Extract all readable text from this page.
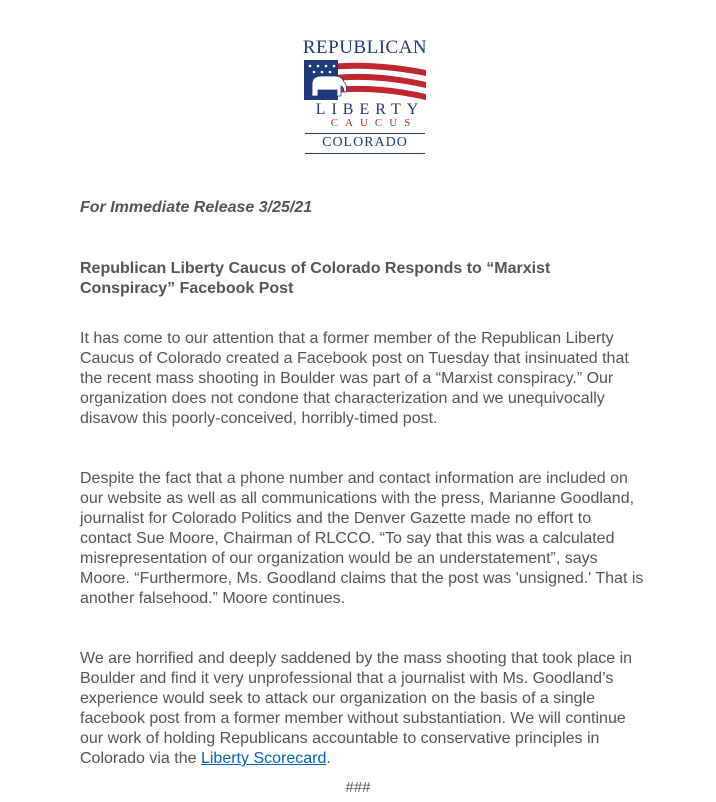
REPUBLICAN
LIBERTY
CAUCUS
COLORADO
For Immediate Release 3/25/21
Republican Liberty Caucus of Colorado Responds to “Marxist Conspiracy” Facebook Post
It has come to our attention that a former member of the Republican Liberty Caucus of Colorado created a Facebook post on Tuesday that insinuated that the recent mass shooting in Boulder was part of a “Marxist conspiracy.” Our organization does not condone that characterization and we unequivocally disavow this poorly-conceived, horribly-timed post.
Despite the fact that a phone number and contact information are included on our website as well as all communications with the press, Marianne Goodland, journalist for Colorado Politics and the Denver Gazette made no effort to contact Sue Moore, Chairman of RLCCO. “To say that this was a calculated misrepresentation of our organization would be an understatement”, says Moore. “Furthermore, Ms. Goodland claims that the post was 'unsigned.' That is another falsehood.” Moore continues.
We are horrified and deeply saddened by the mass shooting that took place in Boulder and find it very unprofessional that a journalist with Ms. Goodland’s experience would seek to attack our organization on the basis of a single facebook post from a former member without substantiation. We will continue our work of holding Republicans accountable to conservative principles in Colorado via the Liberty Scorecard.
###
